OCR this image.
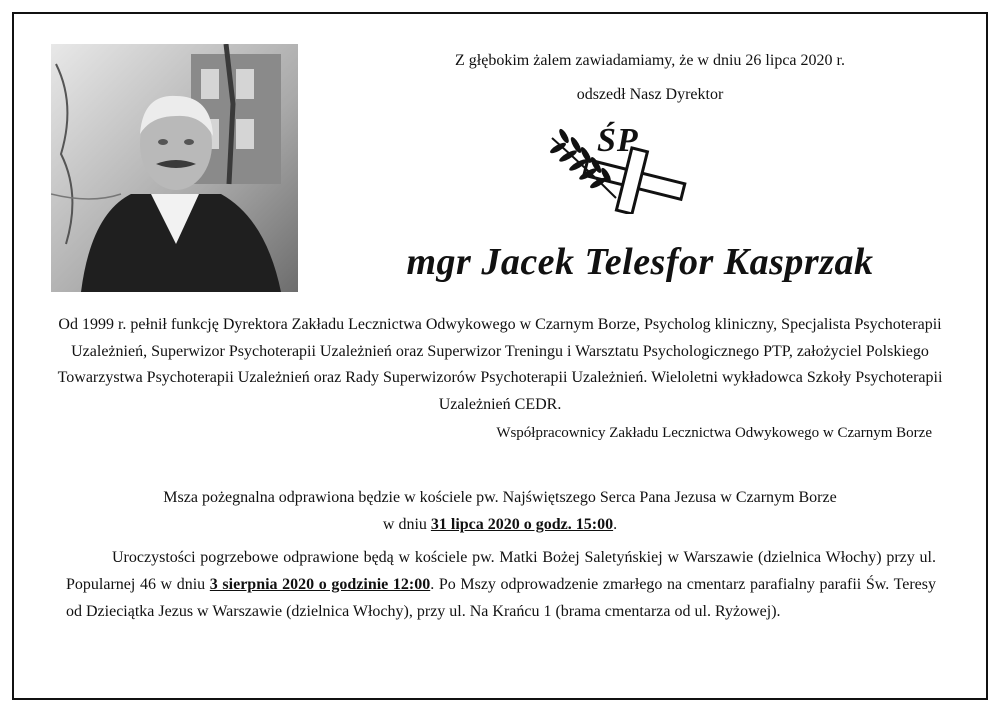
Z głębokim żalem zawiadamiamy, że w dniu 26 lipca 2020 r.
odszedł Nasz Dyrektor
ŚP
mgr Jacek Telesfor Kasprzak
Od 1999 r. pełnił funkcję Dyrektora Zakładu Lecznictwa Odwykowego w Czarnym Borze, Psycholog kliniczny, Specjalista Psychoterapii Uzależnień, Superwizor Psychoterapii Uzależnień oraz Superwizor Treningu i Warsztatu Psychologicznego PTP, założyciel Polskiego Towarzystwa Psychoterapii Uzależnień oraz Rady Superwizorów Psychoterapii Uzależnień. Wieloletni wykładowca Szkoły Psychoterapii Uzależnień CEDR.
Współpracownicy Zakładu Lecznictwa Odwykowego w Czarnym Borze
Msza pożegnalna odprawiona będzie w kościele pw. Najświętszego Serca Pana Jezusa w Czarnym Borze
w dniu 31 lipca 2020 o godz. 15:00.
Uroczystości pogrzebowe odprawione będą w kościele pw. Matki Bożej Saletyńskiej w Warszawie (dzielnica Włochy) przy ul. Popularnej 46 w dniu 3 sierpnia 2020 o godzinie 12:00. Po Mszy odprowadzenie zmarłego na cmentarz parafialny parafii Św. Teresy od Dzieciątka Jezus w Warszawie (dzielnica Włochy), przy ul. Na Krańcu 1 (brama cmentarza od ul. Ryżowej).
